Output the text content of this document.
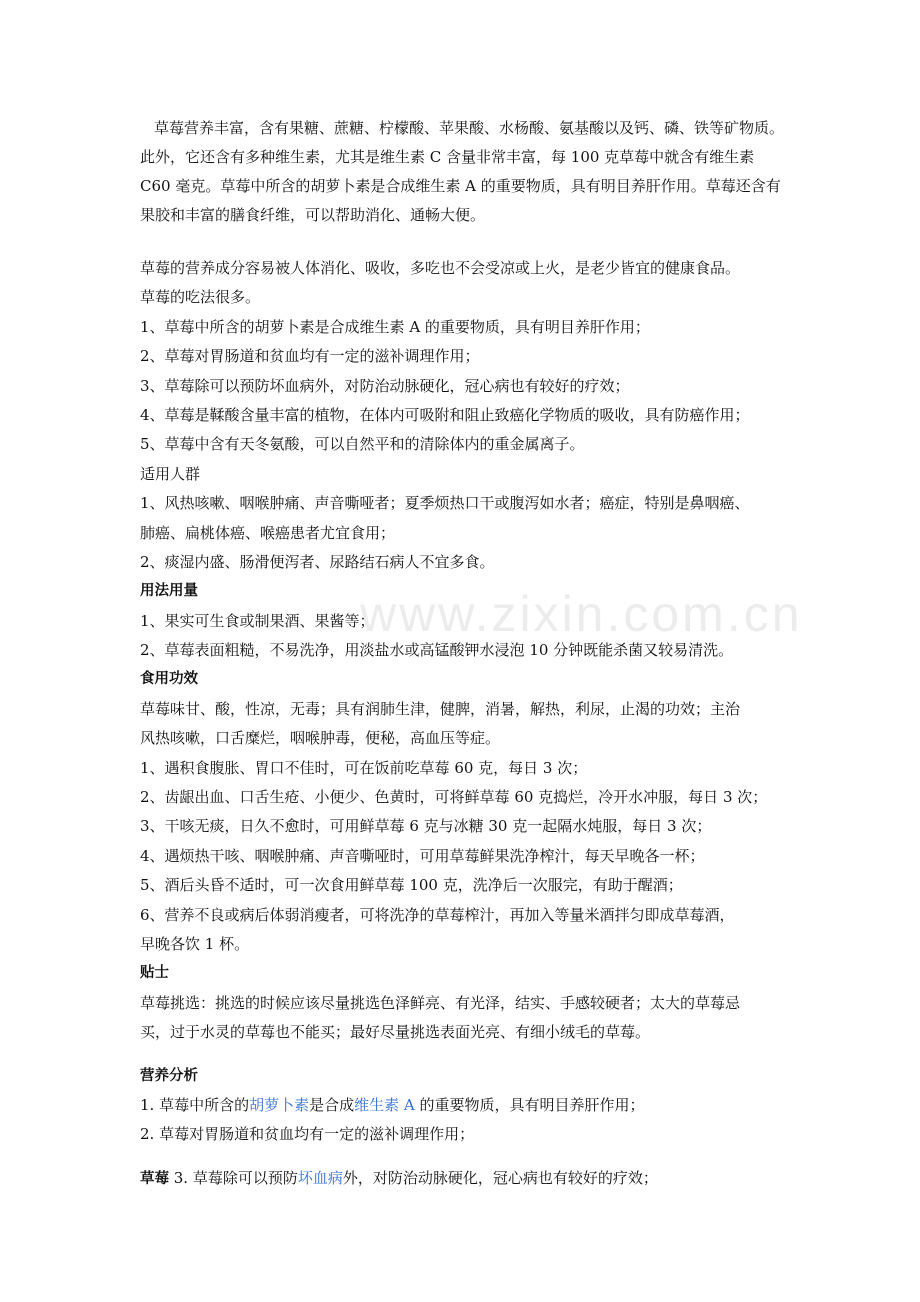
草莓营养丰富，含有果糖、蔗糖、柠檬酸、苹果酸、水杨酸、氨基酸以及钙、磷、铁等矿物质。此外，它还含有多种维生素，尤其是维生素 C 含量非常丰富，每 100 克草莓中就含有维生素 C60 毫克。草莓中所含的胡萝卜素是合成维生素 A 的重要物质，具有明目养肝作用。草莓还含有果胶和丰富的膳食纤维，可以帮助消化、通畅大便。

草莓的营养成分容易被人体消化、吸收，多吃也不会受凉或上火，是老少皆宜的健康食品。
草莓的吃法很多。
1、草莓中所含的胡萝卜素是合成维生素 A 的重要物质，具有明目养肝作用；
2、草莓对胃肠道和贫血均有一定的滋补调理作用；
3、草莓除可以预防坏血病外，对防治动脉硬化，冠心病也有较好的疗效；
4、草莓是鞣酸含量丰富的植物，在体内可吸附和阻止致癌化学物质的吸收，具有防癌作用；
5、草莓中含有天冬氨酸，可以自然平和的清除体内的重金属离子。
适用人群
1、风热咳嗽、咽喉肿痛、声音嘶哑者；夏季烦热口干或腹泻如水者；癌症，特别是鼻咽癌、
肺癌、扁桃体癌、喉癌患者尤宜食用；
2、痰湿内盛、肠滑便泻者、尿路结石病人不宜多食。
用法用量
1、果实可生食或制果酒、果酱等；
2、草莓表面粗糙，不易洗净，用淡盐水或高锰酸钾水浸泡 10 分钟既能杀菌又较易清洗。
食用功效
草莓味甘、酸，性凉，无毒；具有润肺生津，健脾，消暑，解热，利尿，止渴的功效；主治
风热咳嗽，口舌糜烂，咽喉肿毒，便秘，高血压等症。
1、遇积食腹胀、胃口不佳时，可在饭前吃草莓 60 克，每日 3 次；
2、齿龈出血、口舌生疮、小便少、色黄时，可将鲜草莓 60 克捣烂，冷开水冲服，每日 3 次；
3、干咳无痰，日久不愈时，可用鲜草莓 6 克与冰糖 30 克一起隔水炖服，每日 3 次；
4、遇烦热干咳、咽喉肿痛、声音嘶哑时，可用草莓鲜果洗净榨汁，每天早晚各一杯；
5、酒后头昏不适时，可一次食用鲜草莓 100 克，洗净后一次服完，有助于醒酒；
6、营养不良或病后体弱消瘦者，可将洗净的草莓榨汁，再加入等量米酒拌匀即成草莓酒，
早晚各饮 1 杯。
贴士
草莓挑选：挑选的时候应该尽量挑选色泽鲜亮、有光泽，结实、手感较硬者；太大的草莓忌
买，过于水灵的草莓也不能买；最好尽量挑选表面光亮、有细小绒毛的草莓。
营养分析
1. 草莓中所含的胡萝卜素是合成维生素 A 的重要物质，具有明目养肝作用；
2. 草莓对胃肠道和贫血均有一定的滋补调理作用；
草莓 3. 草莓除可以预防坏血病外，对防治动脉硬化，冠心病也有较好的疗效；
www.zixin.com.cn
